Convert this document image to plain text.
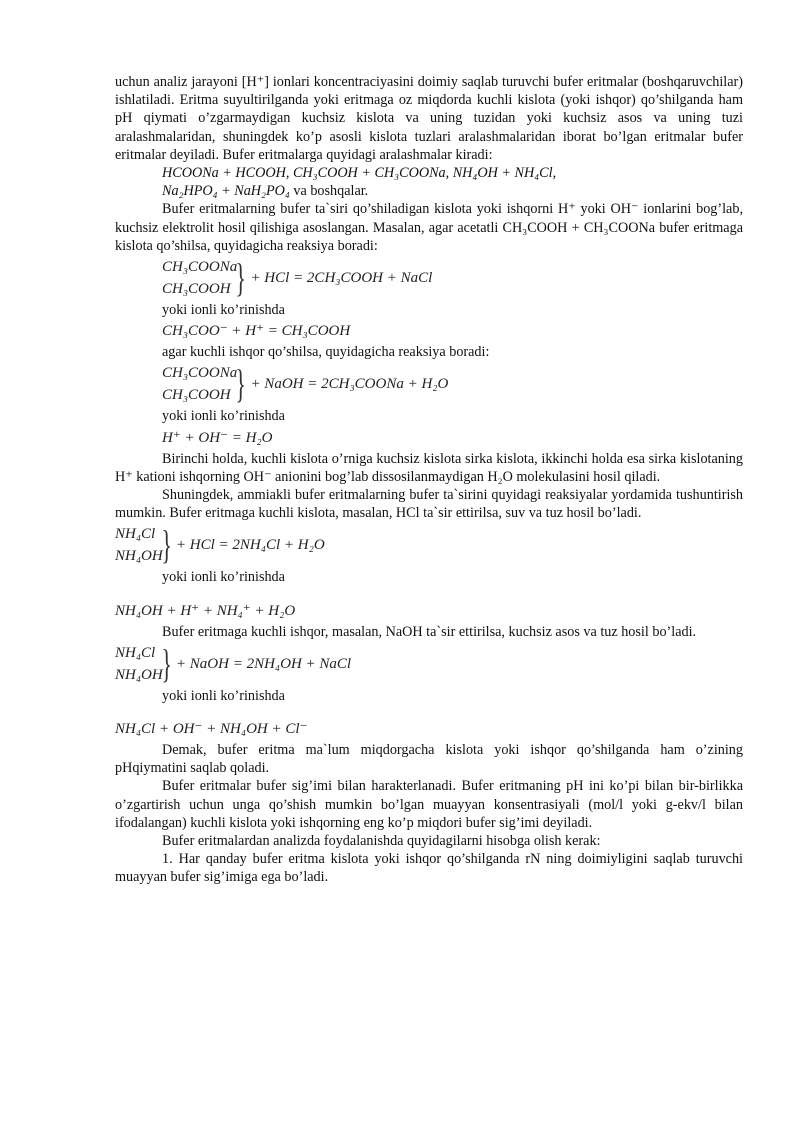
uchun analiz jarayoni [H⁺] ionlari koncentraciyasini doimiy saqlab turuvchi bufer eritmalar (boshqaruvchilar) ishlatiladi. Eritma suyultirilganda yoki eritmaga oz miqdorda kuchli kislota (yoki ishqor) qo’shilganda ham pH qiymati o’zgarmaydigan kuchsiz kislota va uning tuzidan yoki kuchsiz asos va uning tuzi aralashmalaridan, shuningdek ko’p asosli kislota tuzlari aralashmalaridan iborat bo’lgan eritmalar bufer eritmalar deyiladi. Bufer eritmalarga quyidagi aralashmalar kiradi:

HCOONa + HCOOH, CH₃COOH + CH₃COONa, NH₄OH + NH₄Cl,

Na₂HPO₄ + NaH₂PO₄ va boshqalar.

Bufer eritmalarning bufer ta`siri qo’shiladigan kislota yoki ishqorni H⁺ yoki OH⁻ ionlarini bog’lab, kuchsiz elektrolit hosil qilishiga asoslangan. Masalan, agar acetatli CH₃COOH + CH₃COONa bufer eritmaga kislota qo’shilsa, quyidagicha reaksiya boradi:

CH₃COONa
CH₃COOH } + HCl = 2CH₃COOH + NaCl

yoki ionli ko’rinishda

CH₃COO⁻ + H⁺ = CH₃COOH

agar kuchli ishqor qo’shilsa, quyidagicha reaksiya boradi:

CH₃COONa
CH₃COOH } + NaOH = 2CH₃COONa + H₂O

yoki ionli ko’rinishda

H⁺ + OH⁻ = H₂O

Birinchi holda, kuchli kislota o’rniga kuchsiz kislota sirka kislota, ikkinchi holda esa sirka kislotaning H⁺ kationi ishqorning OH⁻ anionini bog’lab dissosilanmaydigan H₂O molekulasini hosil qiladi.

Shuningdek, ammiakli bufer eritmalarning bufer ta`sirini quyidagi reaksiyalar yordamida tushuntirish mumkin. Bufer eritmaga kuchli kislota, masalan, HCl ta`sir ettirilsa, suv va tuz hosil bo’ladi.

NH₄Cl
NH₄OH
} + HCl = 2NH₄Cl + H₂O

yoki ionli ko’rinishda

NH₄OH + H⁺ + NH₄⁺ + H₂O

Bufer eritmaga kuchli ishqor, masalan, NaOH ta`sir ettirilsa, kuchsiz asos va tuz hosil bo’ladi.

NH₄Cl
NH₄OH
} + NaOH = 2NH₄OH + NaCl

yoki ionli ko’rinishda

NH₄Cl + OH⁻ + NH₄OH + Cl⁻

Demak, bufer eritma ma`lum miqdorgacha kislota yoki ishqor qo’shilganda ham o’zining pHqiymatini saqlab qoladi.

Bufer eritmalar bufer sig’imi bilan harakterlanadi. Bufer eritmaning pH ini ko’pi bilan bir-birlikka o’zgartirish uchun unga qo’shish mumkin bo’lgan muayyan konsentrasiyali (mol/l yoki g-ekv/l bilan ifodalangan) kuchli kislota yoki ishqorning eng ko’p miqdori bufer sig’imi deyiladi.

Bufer eritmalardan analizda foydalanishda quyidagilarni hisobga olish kerak:

1. Har qanday bufer eritma kislota yoki ishqor qo’shilganda rN ning doimiyligini saqlab turuvchi muayyan bufer sig’imiga ega bo’ladi.
